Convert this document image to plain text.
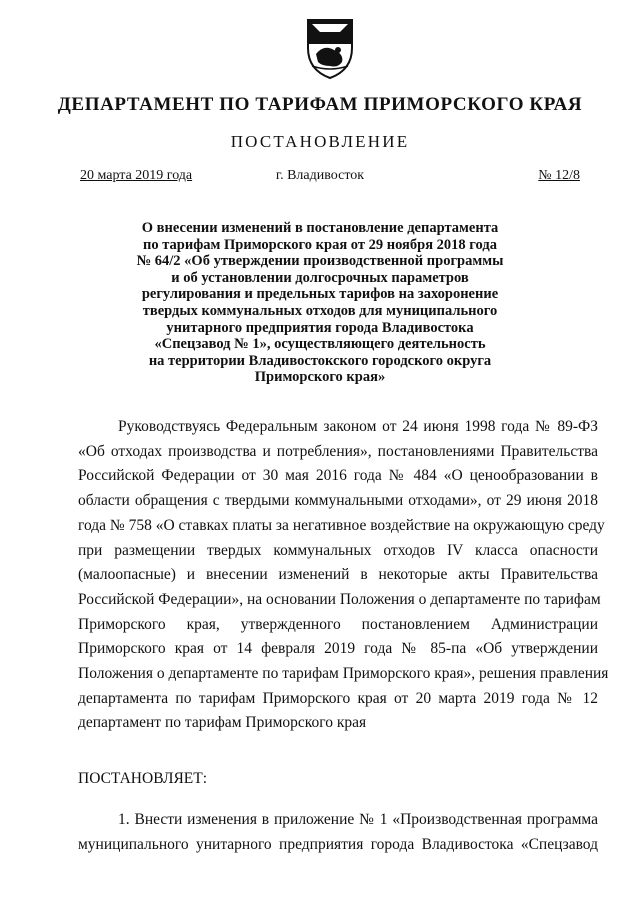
ДЕПАРТАМЕНТ ПО ТАРИФАМ ПРИМОРСКОГО КРАЯ
ПОСТАНОВЛЕНИЕ
20 марта 2019 года	г. Владивосток	№ 12/8
О внесении изменений в постановление департамента
по тарифам Приморского края от 29 ноября 2018 года
№ 64/2 «Об утверждении производственной программы
и об установлении долгосрочных параметров
регулирования и предельных тарифов на захоронение
твердых коммунальных отходов для муниципального
унитарного предприятия города Владивостока
«Спецзавод № 1», осуществляющего деятельность
на территории Владивостокского городского округа
Приморского края»
Руководствуясь Федеральным законом от 24 июня 1998 года № 89-ФЗ
«Об отходах производства и потребления», постановлениями Правительства
Российской Федерации от 30 мая 2016 года № 484 «О ценообразовании в
области обращения с твердыми коммунальными отходами», от 29 июня 2018
года № 758 «О ставках платы за негативное воздействие на окружающую среду
при размещении твердых коммунальных отходов IV класса опасности
(малоопасные) и внесении изменений в некоторые акты Правительства
Российской Федерации», на основании Положения о департаменте по тарифам
Приморского края, утвержденного постановлением Администрации
Приморского края от 14 февраля 2019 года № 85-па «Об утверждении
Положения о департаменте по тарифам Приморского края», решения правления
департамента по тарифам Приморского края от 20 марта 2019 года № 12
департамент по тарифам Приморского края
ПОСТАНОВЛЯЕТ:
1. Внести изменения в приложение № 1 «Производственная программа
муниципального унитарного предприятия города Владивостока «Спецзавод
